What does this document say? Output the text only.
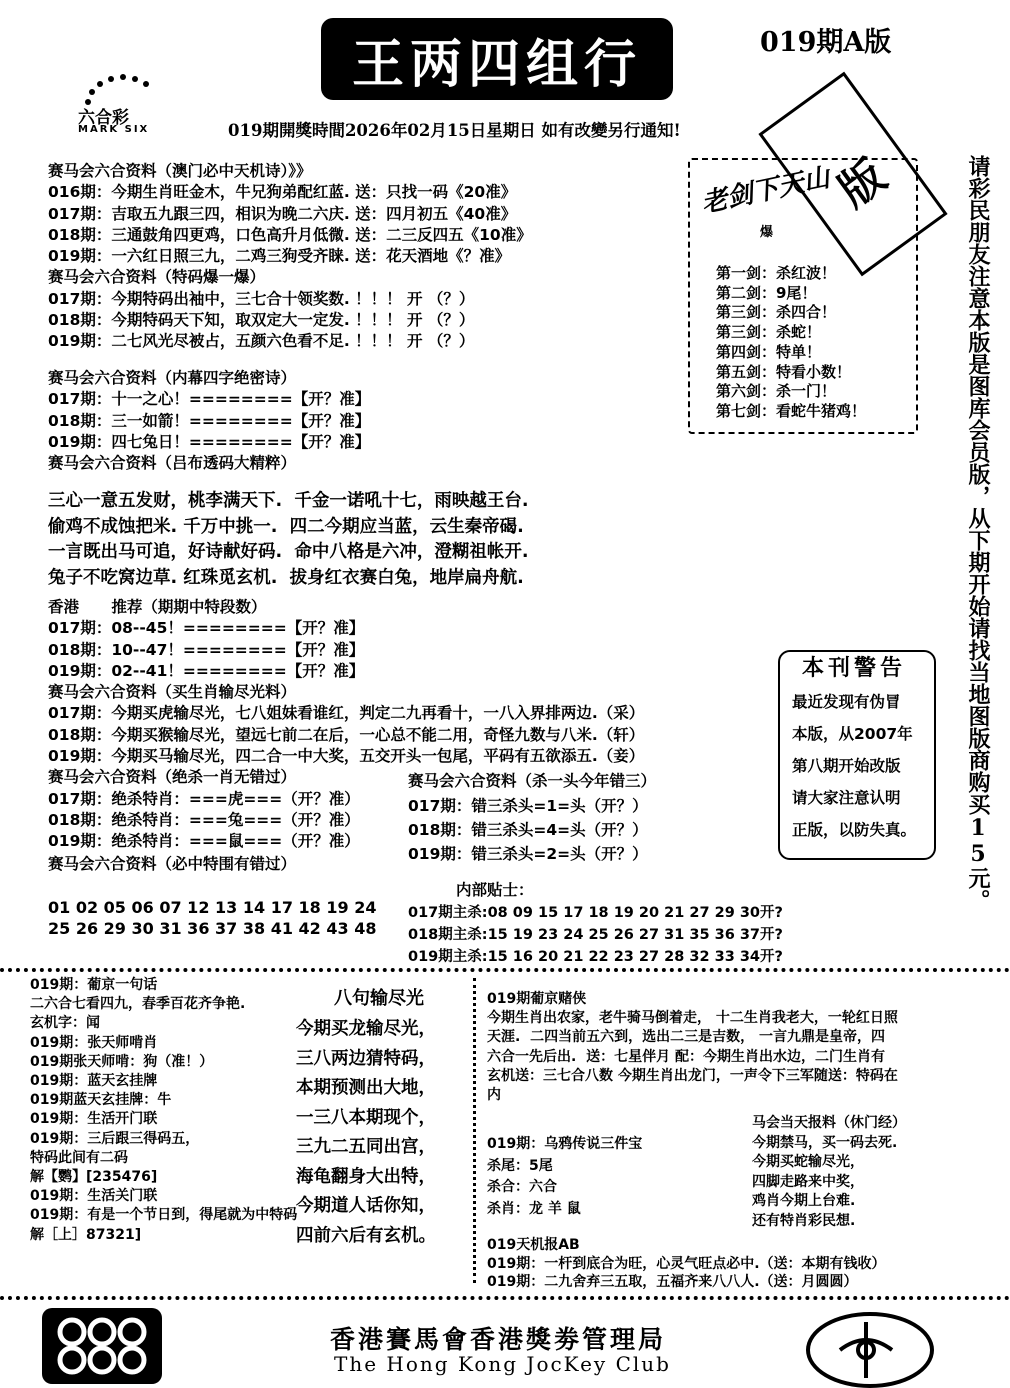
王两四组行	019期A版
六合彩
MARK SIX	019期開獎時間2026年02月15日星期日 如有改變另行通知!
版
赛马会六合资料（澳门必中天机诗）》》
016期：今期生肖旺金木，牛兄狗弟配红蓝. 送：只找一码《20准》
017期：吉取五九跟三四，相识为晚二六庆. 送：四月初五《40准》
018期：三通鼓角四更鸡，口色高升月低微. 送：二三反四五《10准》
019期：一六红日照三九，二鸡三狗受齐睐. 送：花天酒地《？准》
赛马会六合资料（特码爆一爆）
017期：今期特码出袖中，三七合十领奖数. ！！！ 开 （？）
018期：今期特码天下知，取双定大一定发. ！！！ 开 （？）
019期：二七风光尽被占，五颜六色看不足. ！！！ 开 （？）
赛马会六合资料（内幕四字绝密诗）
017期：十一之心！========【开？准】
018期：三一如箭！========【开？准】
019期：四七兔日！========【开？准】
赛马会六合资料（吕布透码大精粹）
三心一意五发财，桃李满天下.  千金一诺吼十七，雨映越王台.
偷鸡不成蚀把米. 千万中挑一.  四二今期应当蓝，云生秦帝碣.
一言既出马可追，好诗献好码.  命中八格是六冲，澄糊祖帐开.
兔子不吃窝边草. 红珠觅玄机.  拔身红衣赛白兔，地岸扁舟航.
香港      推荐（期期中特段数）
017期：08--45！========【开？准】
018期：10--47！========【开？准】
019期：02--41！========【开？准】
赛马会六合资料（买生肖输尽光料）
017期：今期买虎输尽光，七八姐妹看谁红，判定二九再看十，一八入界排两边.（采）
018期：今期买猴输尽光，望远七前二在后，一心总不能二用，奇怪九数与八米.（轩）
019期：今期买马输尽光，四二合一中大奖，五交开头一包尾，平码有五欲添五.（妾）
赛马会六合资料（绝杀一肖无错过）
017期：绝杀特肖：===虎===（开？准）
018期：绝杀特肖：===兔===（开？准）
019期：绝杀特肖：===鼠===（开？准）
赛马会六合资料（必中特围有错过）
01 02 05 06 07 12 13 14 17 18 19 24
25 26 29 30 31 36 37 38 41 42 43 48
赛马会六合资料（杀一头今年错三）
017期：错三杀头=1=头（开？）
018期：错三杀头=4=头（开？）
019期：错三杀头=2=头（开？）
内部贴士：
017期主杀:08 09 15 17 18 19 20 21 27 29 30开?
018期主杀:15 19 23 24 25 26 27 31 35 36 37开?
019期主杀:15 16 20 21 22 23 27 28 32 33 34开?
老剑下天山
爆
第一剑：杀红波！
第二剑：9尾！
第三剑：杀四合！
第三剑：杀蛇！
第四剑：特单！
第五剑：特看小数！
第六剑：杀一门！
第七剑：看蛇牛猪鸡！	请彩民朋友注意本版是图库会员版，从下期开始请找当地图版商购买15元。
本刊警告
最近发现有伪冒
本版，从2007年
第八期开始改版
请大家注意认明
正版，以防失真。
019期：葡京一句话
二六合七看四九，春季百花齐争艳.
玄机字：闻
019期：张天师啃肖
019期张天师啃：狗（准！）
019期：蓝天玄挂牌
019期蓝天玄挂牌：牛
019期：生活开门联
019期：三后跟三得码五，
特码此间有二码
解【鹦】[235476]
019期：生活关门联
019期：有是一个节日到，得尾就为中特码
解［上］87321]
八句输尽光
今期买龙输尽光，
三八两边猜特码，
本期预测出大地，
一三八本期现个，
三九二五同出宫，
海龟翻身大出特，
今期道人话你知，
四前六后有玄机。
019期葡京赌侠
今期生肖出农家，老牛骑马倒着走， 十二生肖我老大，一轮红日照
天涯.  二四当前五六到，选出二三是吉数， 一言九鼎是皇帝，四
六合一先后出.  送：七星伴月 配：今期生肖出水边，二门生肖有
玄机送：三七合八数 今期生肖出龙门，一声令下三军随送：特码在
内
019期：乌鸦传说三件宝
杀尾：5尾
杀合：六合
杀肖：龙 羊 鼠
马会当天报料（休门经）
今期禁马，买一码去死.
今期买蛇输尽光，
四脚走路来中奖，
鸡肖今期上台难.
还有特肖彩民想.
019天机报AB
019期：一杆到底合为旺，心灵气旺点必中.（送：本期有钱收）
019期：二九舍弃三五取，五福齐来八八人.（送：月圆圆）
香港賽馬會香港獎劵管理局
The Hong Kong JocKey Club
